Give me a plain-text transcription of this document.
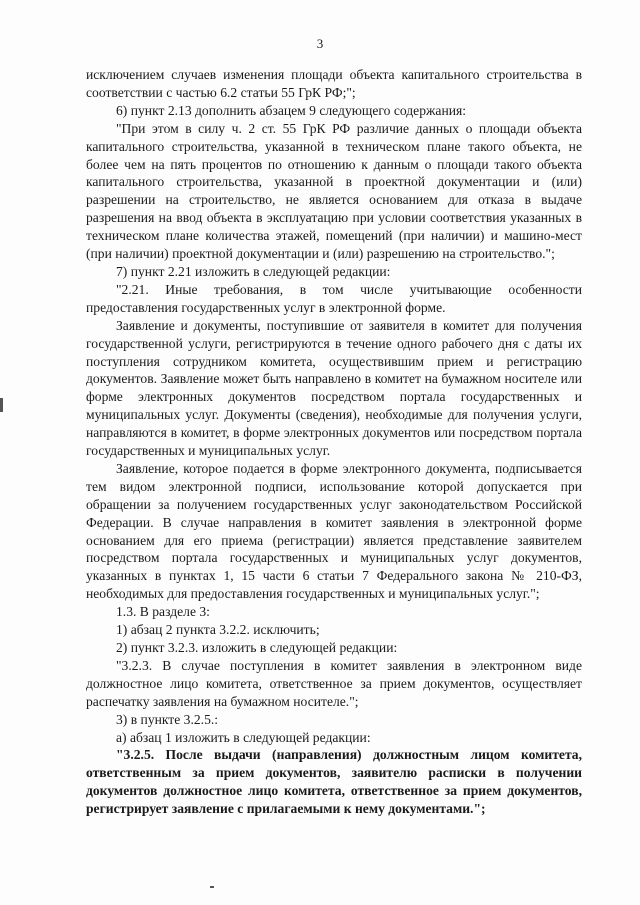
3

исключением случаев изменения площади объекта капитального строительства в соответствии с частью 6.2 статьи 55 ГрК РФ;";

6) пункт 2.13 дополнить абзацем 9 следующего содержания:

"При этом в силу ч. 2 ст. 55 ГрК РФ различие данных о площади объекта капитального строительства, указанной в техническом плане такого объекта, не более чем на пять процентов по отношению к данным о площади такого объекта капитального строительства, указанной в проектной документации и (или) разрешении на строительство, не является основанием для отказа в выдаче разрешения на ввод объекта в эксплуатацию при условии соответствия указанных в техническом плане количества этажей, помещений (при наличии) и машино-мест (при наличии) проектной документации и (или) разрешению на строительство.";

7) пункт 2.21 изложить в следующей редакции:

"2.21. Иные требования, в том числе учитывающие особенности предоставления государственных услуг в электронной форме.

Заявление и документы, поступившие от заявителя в комитет для получения государственной услуги, регистрируются в течение одного рабочего дня с даты их поступления сотрудником комитета, осуществившим прием и регистрацию документов. Заявление может быть направлено в комитет на бумажном носителе или форме электронных документов посредством портала государственных и муниципальных услуг. Документы (сведения), необходимые для получения услуги, направляются в комитет, в форме электронных документов или посредством портала государственных и муниципальных услуг.

Заявление, которое подается в форме электронного документа, подписывается тем видом электронной подписи, использование которой допускается при обращении за получением государственных услуг законодательством Российской Федерации. В случае направления в комитет заявления в электронной форме основанием для его приема (регистрации) является представление заявителем посредством портала государственных и муниципальных услуг документов, указанных в пунктах 1, 15 части 6 статьи 7 Федерального закона № 210-ФЗ, необходимых для предоставления государственных и муниципальных услуг.";

1.3. В разделе 3:

1) абзац 2 пункта 3.2.2. исключить;

2) пункт 3.2.3. изложить в следующей редакции:

"3.2.3. В случае поступления в комитет заявления в электронном виде должностное лицо комитета, ответственное за прием документов, осуществляет распечатку заявления на бумажном носителе.";

3) в пункте 3.2.5.:

а) абзац 1 изложить в следующей редакции:

"3.2.5. После выдачи (направления) должностным лицом комитета, ответственным за прием документов, заявителю расписки в получении документов должностное лицо комитета, ответственное за прием документов, регистрирует заявление с прилагаемыми к нему документами.";
